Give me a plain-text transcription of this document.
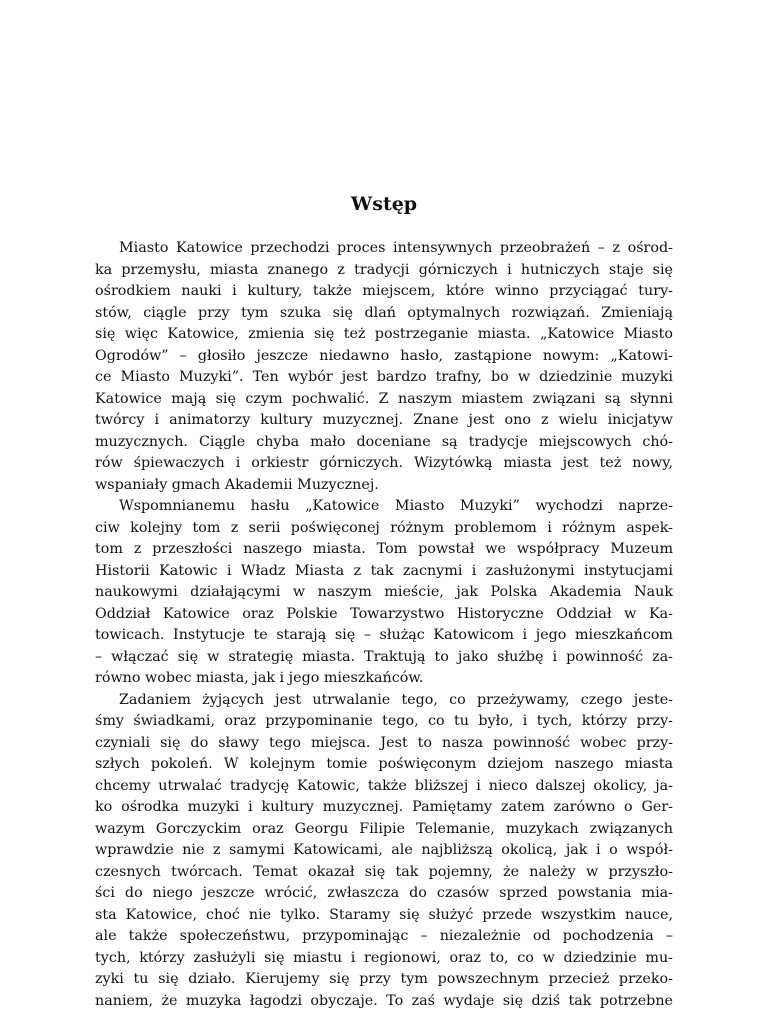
Wstęp
Miasto Katowice przechodzi proces intensywnych przeobrażeń – z ośrod-
ka przemysłu, miasta znanego z tradycji górniczych i hutniczych staje się
ośrodkiem nauki i kultury, także miejscem, które winno przyciągać tury-
stów, ciągle przy tym szuka się dlań optymalnych rozwiązań. Zmieniają
się więc Katowice, zmienia się też postrzeganie miasta. „Katowice Miasto
Ogrodów” – głosiło jeszcze niedawno hasło, zastąpione nowym: „Katowi-
ce Miasto Muzyki”. Ten wybór jest bardzo trafny, bo w dziedzinie muzyki
Katowice mają się czym pochwalić. Z naszym miastem związani są słynni
twórcy i animatorzy kultury muzycznej. Znane jest ono z wielu inicjatyw
muzycznych. Ciągle chyba mało doceniane są tradycje miejscowych chó-
rów śpiewaczych i orkiestr górniczych. Wizytówką miasta jest też nowy,
wspaniały gmach Akademii Muzycznej.
Wspomnianemu hasłu „Katowice Miasto Muzyki” wychodzi naprze-
ciw kolejny tom z serii poświęconej różnym problemom i różnym aspek-
tom z przeszłości naszego miasta. Tom powstał we współpracy Muzeum
Historii Katowic i Władz Miasta z tak zacnymi i zasłużonymi instytucjami
naukowymi działającymi w naszym mieście, jak Polska Akademia Nauk
Oddział Katowice oraz Polskie Towarzystwo Historyczne Oddział w Ka-
towicach. Instytucje te starają się – służąc Katowicom i jego mieszkańcom
– włączać się w strategię miasta. Traktują to jako służbę i powinność za-
równo wobec miasta, jak i jego mieszkańców.
Zadaniem żyjących jest utrwalanie tego, co przeżywamy, czego jeste-
śmy świadkami, oraz przypominanie tego, co tu było, i tych, którzy przy-
czyniali się do sławy tego miejsca. Jest to nasza powinność wobec przy-
szłych pokoleń. W kolejnym tomie poświęconym dziejom naszego miasta
chcemy utrwalać tradycję Katowic, także bliższej i nieco dalszej okolicy, ja-
ko ośrodka muzyki i kultury muzycznej. Pamiętamy zatem zarówno o Ger-
wazym Gorczyckim oraz Georgu Filipie Telemanie, muzykach związanych
wprawdzie nie z samymi Katowicami, ale najbliższą okolicą, jak i o współ-
czesnych twórcach. Temat okazał się tak pojemny, że należy w przyszło-
ści do niego jeszcze wrócić, zwłaszcza do czasów sprzed powstania mia-
sta Katowice, choć nie tylko. Staramy się służyć przede wszystkim nauce,
ale także społeczeństwu, przypominając – niezależnie od pochodzenia –
tych, którzy zasłużyli się miastu i regionowi, oraz to, co w dziedzinie mu-
zyki tu się działo. Kierujemy się przy tym powszechnym przecież przeko-
naniem, że muzyka łagodzi obyczaje. To zaś wydaje się dziś tak potrzebne
